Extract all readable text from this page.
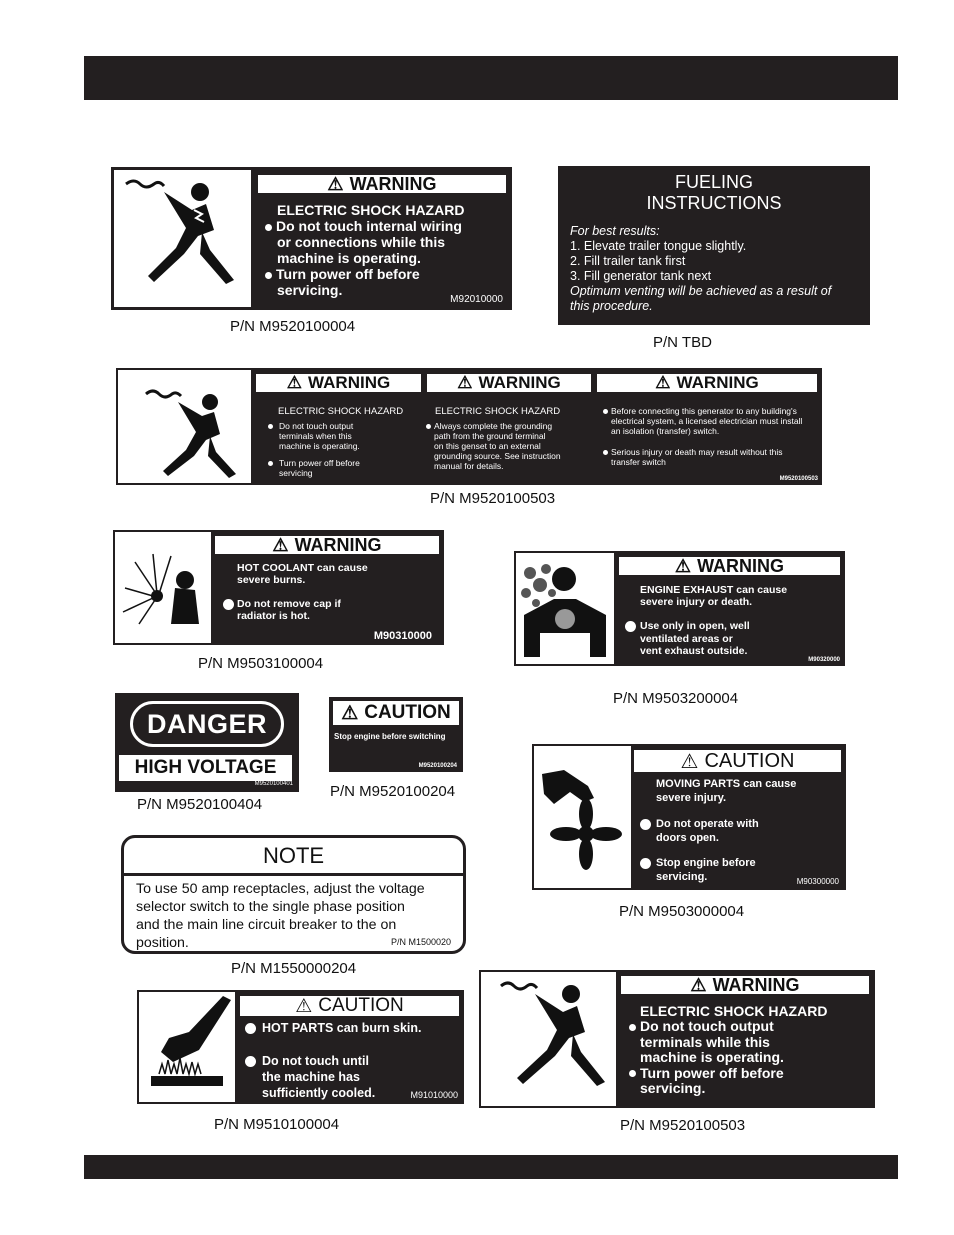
⚠ WARNING
ELECTRIC SHOCK HAZARD
Do not touch internal wiring
or connections while this
machine is operating.
Turn power off before
servicing.
M92010000
P/N M9520100004
FUELING
INSTRUCTIONS
For best results:
1. Elevate trailer tongue slightly.
2. Fill trailer tank first
3. Fill generator tank next
Optimum venting will be achieved as a result of
this procedure.
P/N TBD
⚠ WARNING	⚠ WARNING	⚠ WARNING
ELECTRIC SHOCK HAZARD
Do not touch output
terminals when this
machine is operating.
Turn power off before
servicing
ELECTRIC SHOCK HAZARD
Always complete the grounding
path from the ground terminal
on this genset to an external
grounding source. See instruction
manual for details.
Before connecting this generator to any building's
electrical system, a licensed electrician must install
an isolation (transfer) switch.
Serious injury or death may result without this
transfer switch
M9520100503
P/N M9520100503
⚠ WARNING
HOT COOLANT can cause
severe burns.
Do not remove cap if
radiator is hot.
M90310000
P/N M9503100004
⚠ WARNING
ENGINE EXHAUST can cause
severe injury or death.
Use only in open, well
ventilated areas or
vent exhaust outside.
M90320000
P/N M9503200004
DANGER
HIGH VOLTAGE
M9520100401
P/N M9520100404
⚠ CAUTION
Stop engine before switching
M9520100204
P/N M9520100204
⚠ CAUTION
MOVING PARTS can cause
severe injury.
Do not operate with
doors open.
Stop engine before
servicing.	M90300000
P/N M9503000004
NOTE
To use 50 amp receptacles, adjust the voltage
selector switch to the single phase position
and the main line circuit breaker to the on
position.	P/N M1500020
P/N M1550000204
⚠ CAUTION
HOT PARTS can burn skin.
Do not touch until
the machine has
sufficiently cooled.	M91010000
P/N M9510100004
⚠ WARNING
ELECTRIC SHOCK HAZARD
Do not touch output
terminals while this
machine is operating.
Turn power off before
servicing.
P/N M9520100503
